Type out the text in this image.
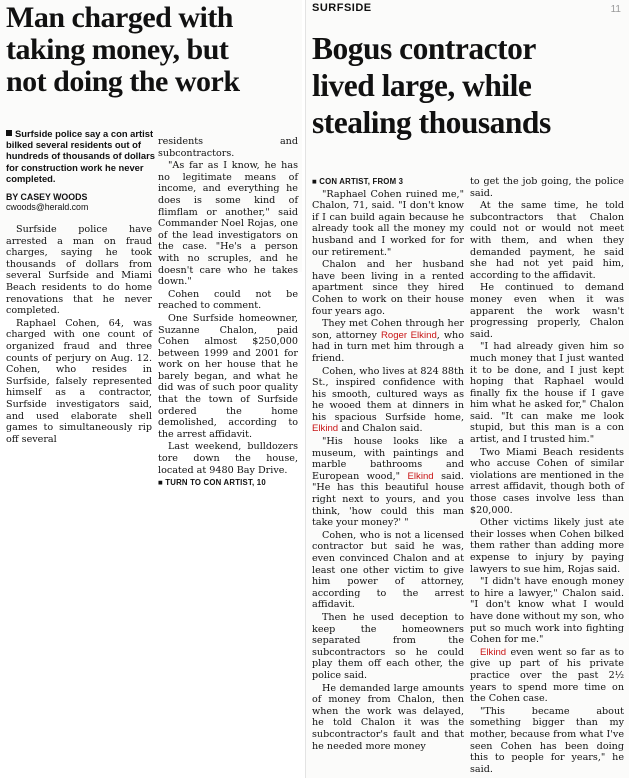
Man charged with
taking money, but
not doing the work
Surfside police say a con artist bilked several residents out of hundreds of thousands of dollars for construction work he never completed.
BY CASEY WOODS
cwoods@herald.com

Surfside police have arrested a man on fraud charges, saying he took thousands of dollars from several Surfside and Miami Beach residents to do home renovations that he never completed.

Raphael Cohen, 64, was charged with one count of organized fraud and three counts of perjury on Aug. 12. Cohen, who resides in Surfside, falsely represented himself as a contractor, Surfside investigators said, and used elaborate shell games to simultaneously rip off several

residents and subcontractors.

"As far as I know, he has no legitimate means of income, and everything he does is some kind of flimflam or another," said Commander Noel Rojas, one of the lead investigators on the case. "He's a person with no scruples, and he doesn't care who he takes down."

Cohen could not be reached to comment.

One Surfside homeowner, Suzanne Chalon, paid Cohen almost $250,000 between 1999 and 2001 for work on her house that he barely began, and what he did was of such poor quality that the town of Surfside ordered the home demolished, according to the arrest affidavit.

Last weekend, bulldozers tore down the house, located at 9480 Bay Drive.

■ TURN TO CON ARTIST, 10

SURFSIDE	11
Bogus contractor
lived large, while
stealing thousands

■ CON ARTIST, FROM 3

"Raphael Cohen ruined me," Chalon, 71, said. "I don't know if I can build again because he already took all the money my husband and I worked for for our retirement."

Chalon and her husband have been living in a rented apartment since they hired Cohen to work on their house four years ago.

They met Cohen through her son, attorney Roger Elkind, who had in turn met him through a friend.

Cohen, who lives at 824 88th St., inspired confidence with his smooth, cultured ways as he wooed them at dinners in his spacious Surfside home, Elkind and Chalon said.

"His house looks like a museum, with paintings and marble bathrooms and European wood," Elkind said. "He has this beautiful house right next to yours, and you think, 'how could this man take your money?' "

Cohen, who is not a licensed contractor but said he was, even convinced Chalon and at least one other victim to give him power of attorney, according to the arrest affidavit.

Then he used deception to keep the homeowners separated from the subcontractors so he could play them off each other, the police said.

He demanded large amounts of money from Chalon, then when the work was delayed, he told Chalon it was the subcontractor's fault and that he needed more money

to get the job going, the police said.

At the same time, he told subcontractors that Chalon could not or would not meet with them, and when they demanded payment, he said she had not yet paid him, according to the affidavit.

He continued to demand money even when it was apparent the work wasn't progressing properly, Chalon said.

"I had already given him so much money that I just wanted it to be done, and I just kept hoping that Raphael would finally fix the house if I gave him what he asked for," Chalon said. "It can make me look stupid, but this man is a con artist, and I trusted him."

Two Miami Beach residents who accuse Cohen of similar violations are mentioned in the arrest affidavit, though both of those cases involve less than $20,000.

Other victims likely just ate their losses when Cohen bilked them rather than adding more expense to injury by paying lawyers to sue him, Rojas said.

"I didn't have enough money to hire a lawyer," Chalon said. "I don't know what I would have done without my son, who put so much work into fighting Cohen for me."

Elkind even went so far as to give up part of his private practice over the past 2½ years to spend more time on the Cohen case.

"This became about something bigger than my mother, because from what I've seen Cohen has been doing this to people for years," he said.
